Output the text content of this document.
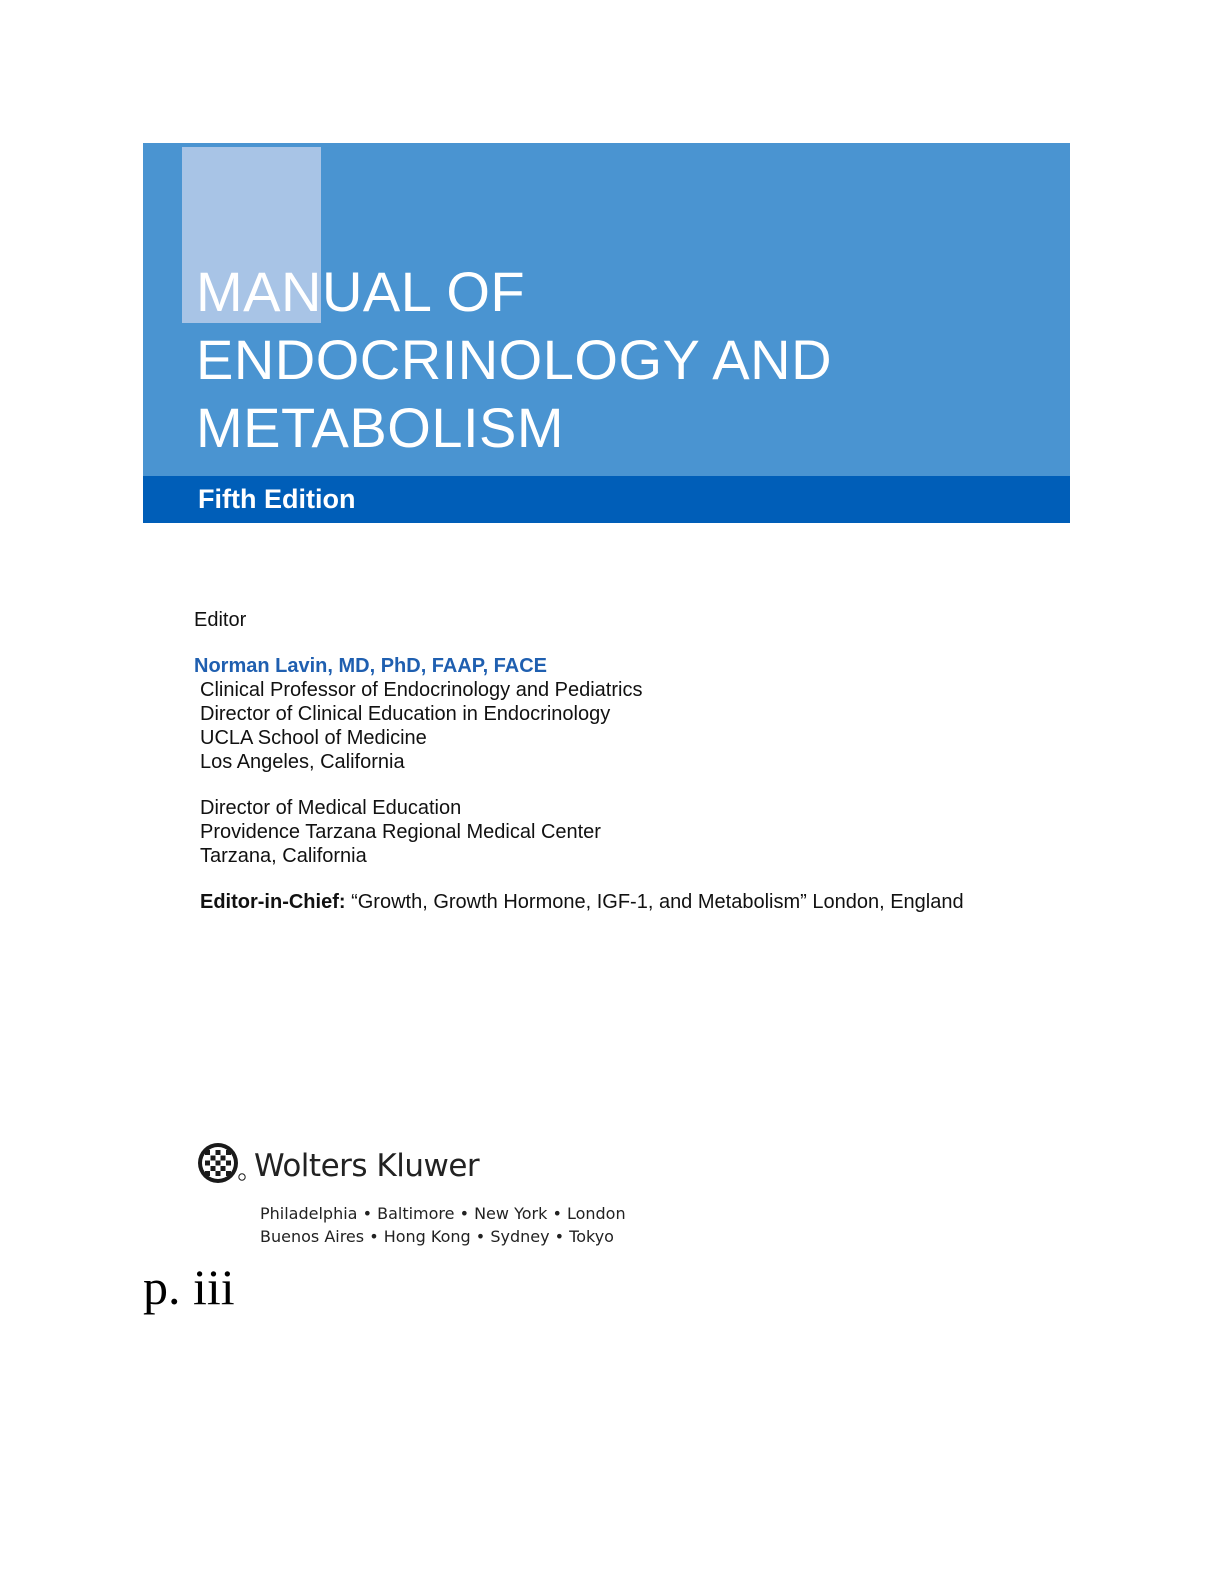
MANUAL OF
ENDOCRINOLOGY AND
METABOLISM
Fifth Edition
Editor
Norman Lavin, MD, PhD, FAAP, FACE
Clinical Professor of Endocrinology and Pediatrics
Director of Clinical Education in Endocrinology
UCLA School of Medicine
Los Angeles, California
Director of Medical Education
Providence Tarzana Regional Medical Center
Tarzana, California
Editor-in-Chief: “Growth, Growth Hormone, IGF-1, and Metabolism” London, England
Wolters Kluwer
Philadelphia • Baltimore • New York • London
Buenos Aires • Hong Kong • Sydney • Tokyo
p. iii
